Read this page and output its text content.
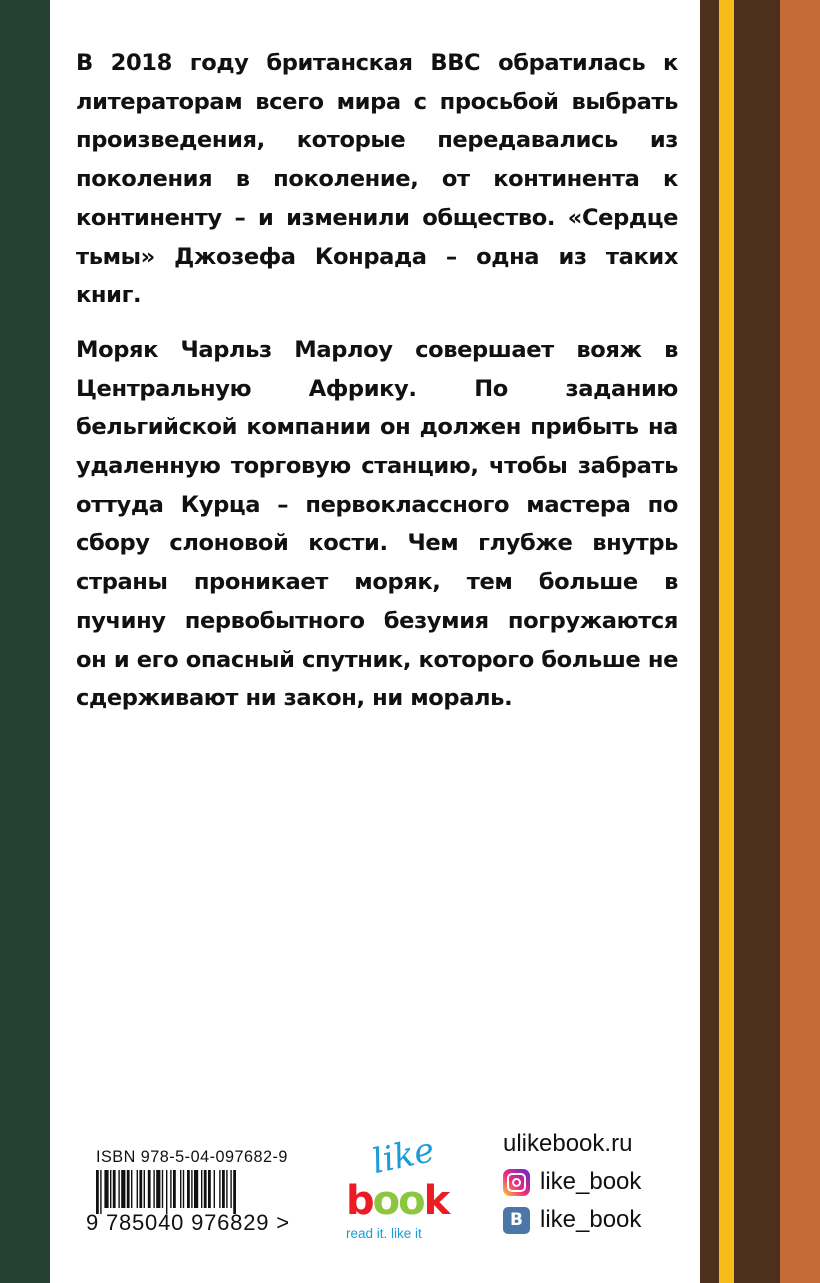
В 2018 году британская BBC обратилась к литераторам всего мира с просьбой выбрать произведения, которые передавались из поколения в поколение, от континента к континенту – и изменили общество. «Сердце тьмы» Джозефа Конрада – одна из таких книг.

Моряк Чарльз Марлоу совершает вояж в Центральную Африку. По заданию бельгийской компании он должен прибыть на удаленную торговую станцию, чтобы забрать оттуда Курца – первоклассного мастера по сбору слоновой кости. Чем глубже внутрь страны проникает моряк, тем больше в пучину первобытного безумия погружаются он и его опасный спутник, которого больше не сдерживают ни закон, ни мораль.

ISBN 978-5-04-097682-9
9 785040 976829 >
like
book
read it. like it
ulikebook.ru
like_book
В like_book
